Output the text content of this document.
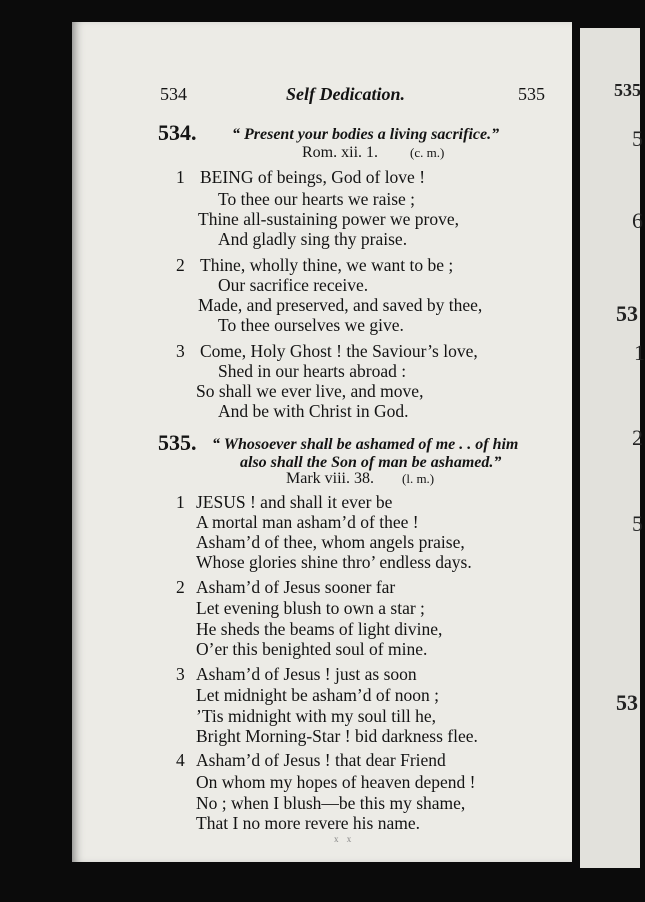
534	Self Dedication.	535
534. “ Present your bodies a living sacrifice.”
Rom. xii. 1. (c. m.)
1 BEING of beings, God of love !
To thee our hearts we raise ;
Thine all-sustaining power we prove,
And gladly sing thy praise.
2 Thine, wholly thine, we want to be ;
Our sacrifice receive.
Made, and preserved, and saved by thee,
To thee ourselves we give.
3 Come, Holy Ghost ! the Saviour’s love,
Shed in our hearts abroad :
So shall we ever live, and move,
And be with Christ in God.
535. “ Whosoever shall be ashamed of me . . of him
also shall the Son of man be ashamed.”
Mark viii. 38. (l. m.)
1 JESUS ! and shall it ever be
A mortal man asham’d of thee !
Asham’d of thee, whom angels praise,
Whose glories shine thro’ endless days.
2 Asham’d of Jesus sooner far
Let evening blush to own a star ;
He sheds the beams of light divine,
O’er this benighted soul of mine.
3 Asham’d of Jesus ! just as soon
Let midnight be asham’d of noon ;
’Tis midnight with my soul till he,
Bright Morning-Star ! bid darkness flee.
4 Asham’d of Jesus ! that dear Friend
On whom my hopes of heaven depend !
No ; when I blush—be this my shame,
That I no more revere his name.
x x
535
5
6
53
1
2
5
53
